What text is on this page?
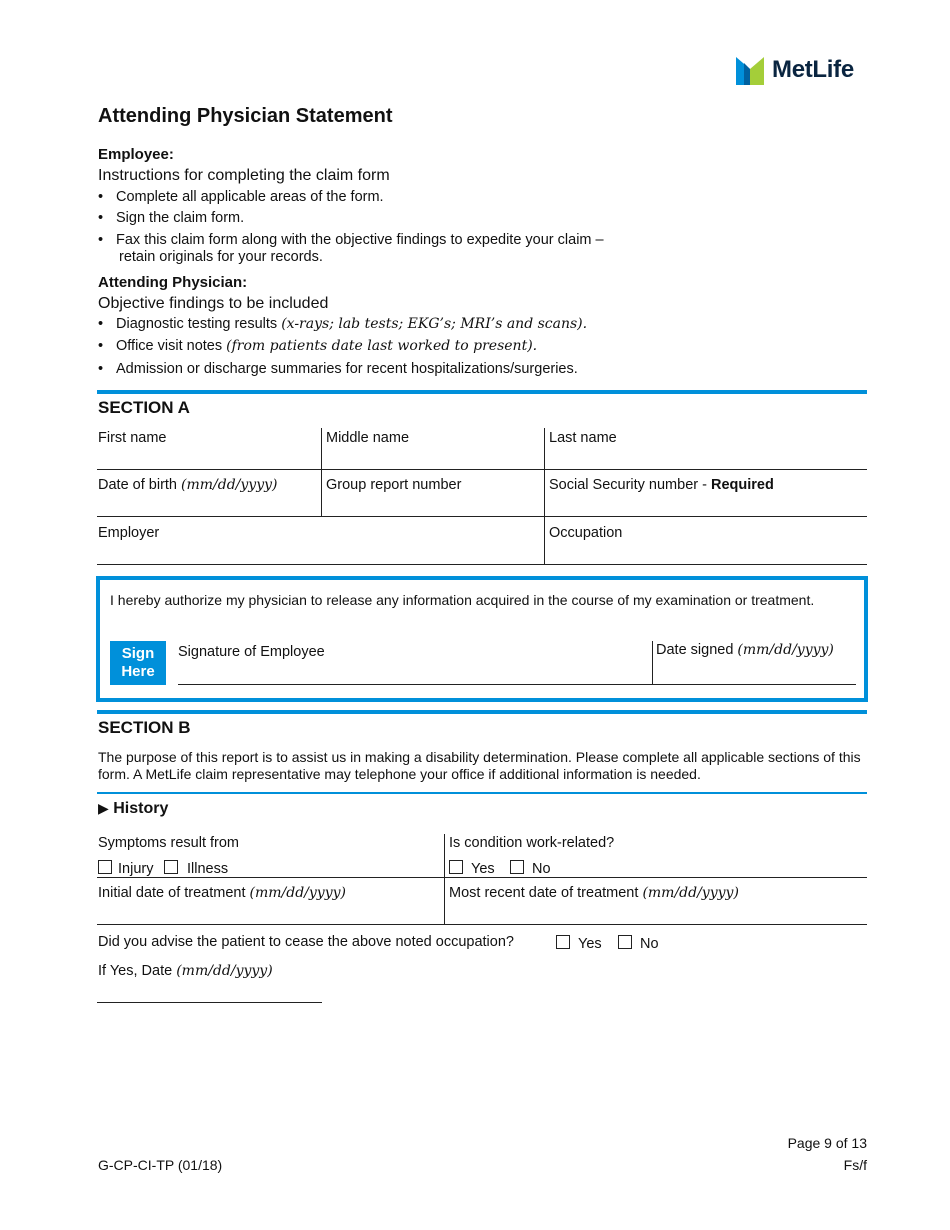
MetLife
Attending Physician Statement
Employee:
Instructions for completing the claim form
• Complete all applicable areas of the form.
• Sign the claim form.
• Fax this claim form along with the objective findings to expedite your claim –
retain originals for your records.
Attending Physician:
Objective findings to be included
• Diagnostic testing results (x-rays; lab tests; EKG’s; MRI’s and scans).
• Office visit notes (from patients date last worked to present).
• Admission or discharge summaries for recent hospitalizations/surgeries.
SECTION A
First name	Middle name	Last name
Date of birth (mm/dd/yyyy)	Group report number	Social Security number - Required
Employer	Occupation
I hereby authorize my physician to release any information acquired in the course of my examination or treatment.
Sign
Here
Signature of Employee	Date signed (mm/dd/yyyy)
SECTION B
The purpose of this report is to assist us in making a disability determination. Please complete all applicable sections of this form. A MetLife claim representative may telephone your office if additional information is needed.
▶ History
Symptoms result from
Injury	Illness
Is condition work-related?
Yes	No
Initial date of treatment (mm/dd/yyyy)	Most recent date of treatment (mm/dd/yyyy)
Did you advise the patient to cease the above noted occupation?	Yes	No
If Yes, Date (mm/dd/yyyy)
Page 9 of 13
G-CP-CI-TP (01/18)	Fs/f
